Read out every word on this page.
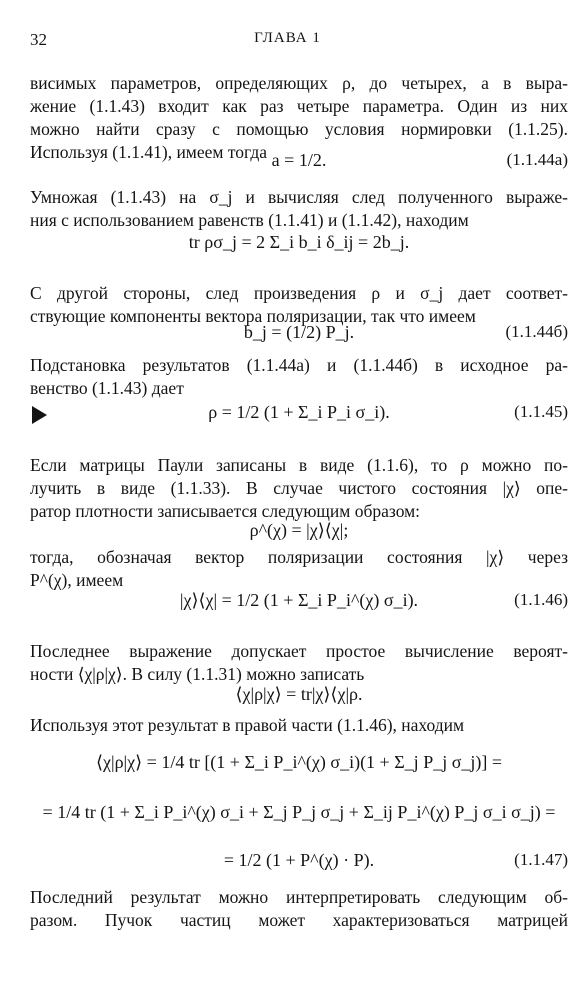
32	ГЛАВА 1

висимых параметров, определяющих ρ, до четырех, а в выра-
жение (1.1.43) входит как раз четыре параметра. Один из них
можно найти сразу с помощью условия нормировки (1.1.25).
Используя (1.1.41), имеем тогда a = 1/2.	(1.1.44а)

Умножая (1.1.43) на σ_j и вычисляя след полученного выраже-
ния с использованием равенств (1.1.41) и (1.1.42), находим

tr ρσ_j = 2 Σ_i b_i δ_ij = 2b_j.

С другой стороны, след произведения ρ и σ_j дает соответ-
ствующие компоненты вектора поляризации, так что имеем

b_j = (1/2) P_j.	(1.1.44б)

Подстановка результатов (1.1.44а) и (1.1.44б) в исходное ра-
венство (1.1.43) дает

ρ = 1/2 (1 + Σ_i P_i σ_i).	(1.1.45)

Если матрицы Паули записаны в виде (1.1.6), то ρ можно по-
лучить в виде (1.1.33). В случае чистого состояния |χ⟩ опе-
ратор плотности записывается следующим образом:

ρ^(χ) = |χ⟩⟨χ|;

тогда, обозначая вектор поляризации состояния |χ⟩ через
P^(χ), имеем

|χ⟩⟨χ| = 1/2 (1 + Σ_i P_i^(χ) σ_i).	(1.1.46)

Последнее выражение допускает простое вычисление вероят-
ности ⟨χ|ρ|χ⟩. В силу (1.1.31) можно записать

⟨χ|ρ|χ⟩ = tr|χ⟩⟨χ|ρ.

Используя этот результат в правой части (1.1.46), находим

⟨χ|ρ|χ⟩ = 1/4 tr [(1 + Σ_i P_i^(χ) σ_i)(1 + Σ_j P_j σ_j)] =
= 1/4 tr (1 + Σ_i P_i^(χ) σ_i + Σ_j P_j σ_j + Σ_ij P_i^(χ) P_j σ_i σ_j) =
= 1/2 (1 + P^(χ) · P).	(1.1.47)

Последний результат можно интерпретировать следующим об-
разом. Пучок частиц может характеризоваться матрицей
